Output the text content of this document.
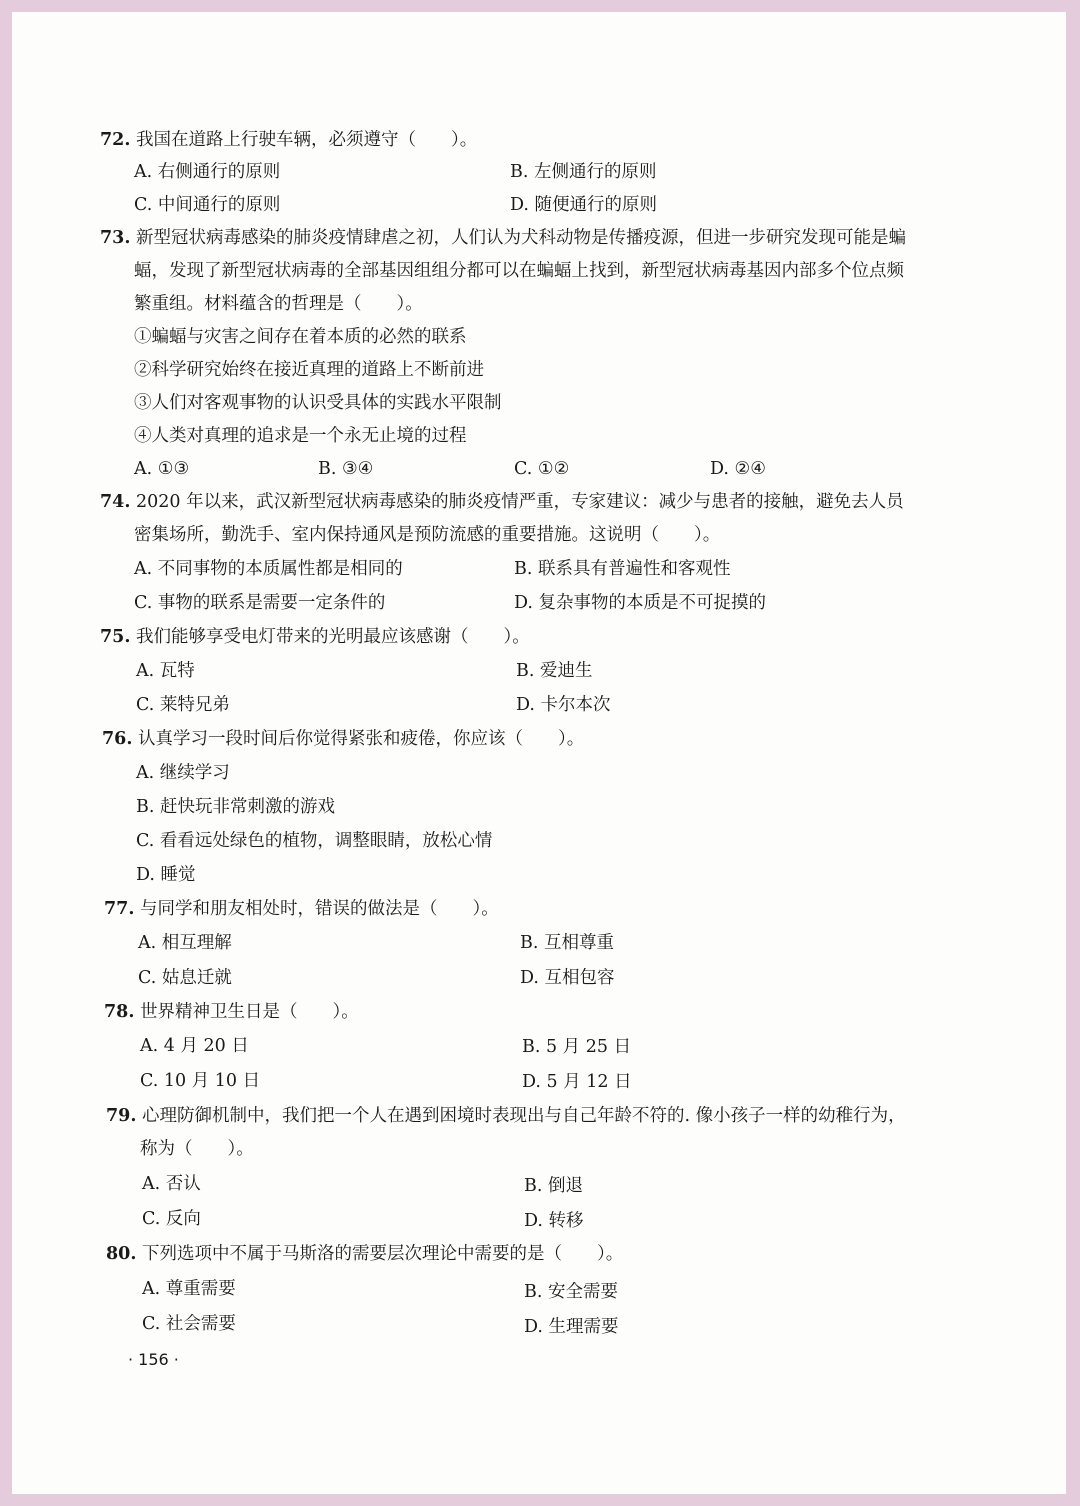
72. 我国在道路上行驶车辆，必须遵守（　　）。
A. 右侧通行的原则	B. 左侧通行的原则
C. 中间通行的原则	D. 随便通行的原则
73. 新型冠状病毒感染的肺炎疫情肆虐之初，人们认为犬科动物是传播疫源，但进一步研究发现可能是蝙
蝠，发现了新型冠状病毒的全部基因组组分都可以在蝙蝠上找到，新型冠状病毒基因内部多个位点频
繁重组。材料蕴含的哲理是（　　）。
①蝙蝠与灾害之间存在着本质的必然的联系
②科学研究始终在接近真理的道路上不断前进
③人们对客观事物的认识受具体的实践水平限制
④人类对真理的追求是一个永无止境的过程
A. ①③	B. ③④	C. ①②	D. ②④
74. 2020 年以来，武汉新型冠状病毒感染的肺炎疫情严重，专家建议：减少与患者的接触，避免去人员
密集场所，勤洗手、室内保持通风是预防流感的重要措施。这说明（　　）。
A. 不同事物的本质属性都是相同的	B. 联系具有普遍性和客观性
C. 事物的联系是需要一定条件的	D. 复杂事物的本质是不可捉摸的
75. 我们能够享受电灯带来的光明最应该感谢（　　）。
A. 瓦特	B. 爱迪生
C. 莱特兄弟	D. 卡尔本次
76. 认真学习一段时间后你觉得紧张和疲倦，你应该（　　）。
A. 继续学习
B. 赶快玩非常刺激的游戏
C. 看看远处绿色的植物，调整眼睛，放松心情
D. 睡觉
77. 与同学和朋友相处时，错误的做法是（　　）。
A. 相互理解	B. 互相尊重
C. 姑息迁就	D. 互相包容
78. 世界精神卫生日是（　　）。
A. 4 月 20 日	B. 5 月 25 日
C. 10 月 10 日	D. 5 月 12 日
79. 心理防御机制中，我们把一个人在遇到困境时表现出与自己年龄不符的. 像小孩子一样的幼稚行为，
称为（　　）。
A. 否认	B. 倒退
C. 反向	D. 转移
80. 下列选项中不属于马斯洛的需要层次理论中需要的是（　　）。
A. 尊重需要	B. 安全需要
C. 社会需要	D. 生理需要
· 156 ·
